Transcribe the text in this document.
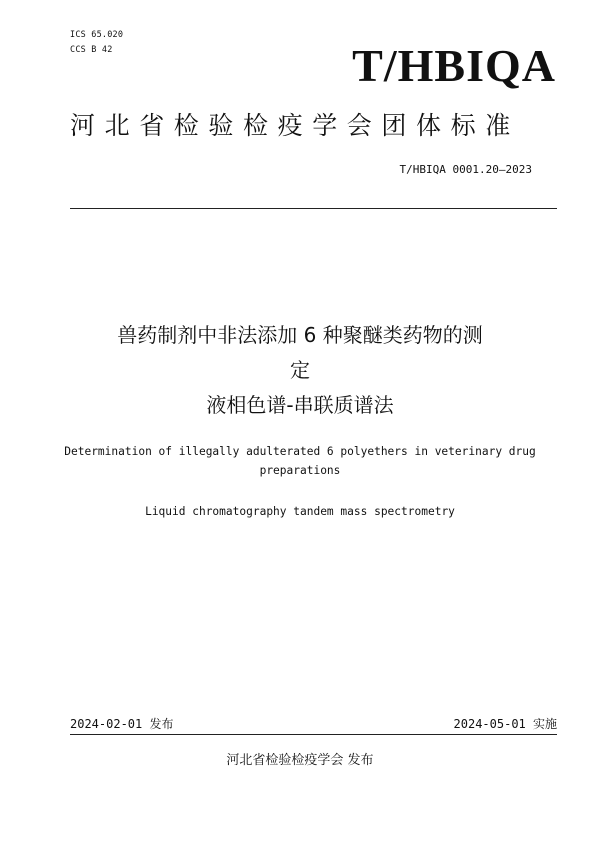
ICS 65.020
CCS B 42	T/HBIQA
河北省检验检疫学会团体标准
T/HBIQA 0001.20—2023
兽药制剂中非法添加 6 种聚醚类药物的测
定
液相色谱-串联质谱法
Determination of illegally adulterated 6 polyethers in veterinary drug
preparations
Liquid chromatography tandem mass spectrometry
2024-02-01 发布	2024-05-01 实施
河北省检验检疫学会 发布
